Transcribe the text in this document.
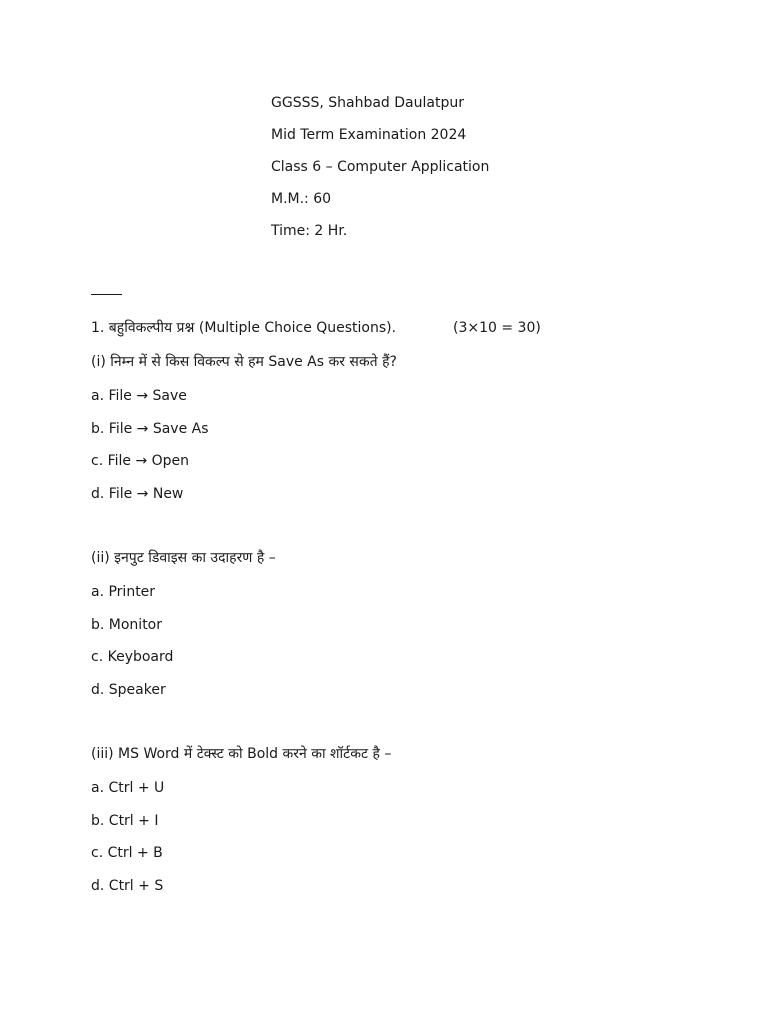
GGSSS, Shahbad Daulatpur
Mid Term Examination 2024
Class 6 – Computer Application
M.M.: 60
Time: 2 Hr.
1. बहुविकल्पीय प्रश्न (Multiple Choice Questions).	(3×10 = 30)
(i) निम्न में से किस विकल्प से हम Save As कर सकते हैं?
a. File → Save
b. File → Save As
c. File → Open
d. File → New
(ii) इनपुट डिवाइस का उदाहरण है –
a. Printer
b. Monitor
c. Keyboard
d. Speaker
(iii) MS Word में टेक्स्ट को Bold करने का शॉर्टकट है –
a. Ctrl + U
b. Ctrl + I
c. Ctrl + B
d. Ctrl + S
